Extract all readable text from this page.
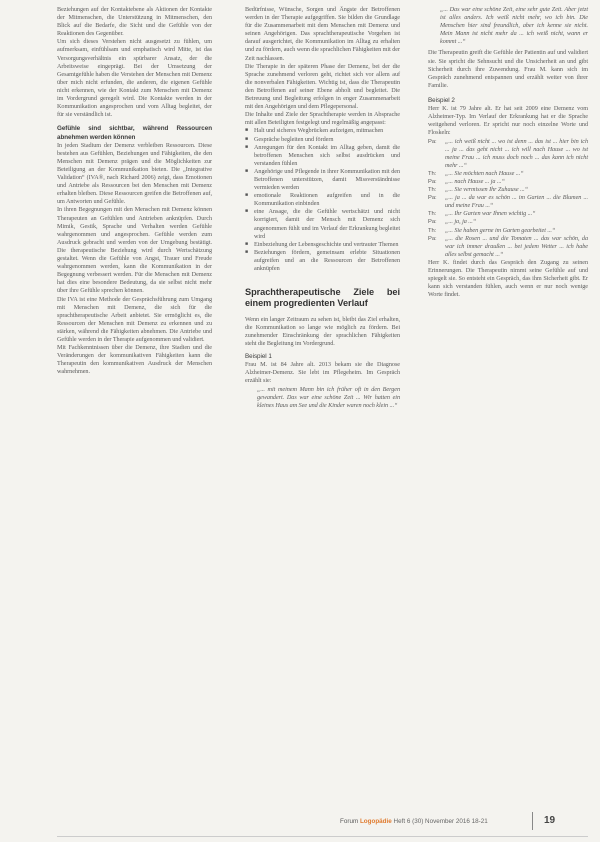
Beziehungen auf der Kontaktebene als Aktionen der Kontakte der Mitmenschen, die Unterstützung in Mitmenschen, den Blick auf die Bedarfe, die Sicht und die Gefühle von der Reaktionen des Gegenüber.

Um sich dieses Verstehen nicht ausgesetzt zu fühlen, um aufmerksam, einfühlsam und emphatisch wird Mitte, ist das Versorgungsverhältnis ein spürbarer Ansatz, der die Arbeitsweise eingeprägt. Bei der Umsetzung der Gesamtgefühle haben die Verstehen der Menschen mit Demenz über mich nicht erfunden, die anderen, die eigenen Gefühle nicht erkennen, wie der Kontakt zum Menschen mit Demenz im Vordergrund geregelt wird. Die Kontakte werden in der Kommunikation angesprochen und vom Alltag begleitet, der für sie verständlich ist.

Gefühle sind sichtbar, während Ressourcen abnehmen werden können

In jeden Stadium der Demenz verbleiben Ressourcen. Diese bestehen aus Gefühlen, Beziehungen und Fähigkeiten, die den Menschen mit Demenz prägen und die Möglichkeiten zur Beteiligung an der Kommunikation bieten. Die „Integrative Validation“ (IVA®, nach Richard 2006) zeigt, dass Emotionen und Antriebe als Ressourcen bei den Menschen mit Demenz erhalten bleiben. Diese Ressourcen greifen die Betroffenen auf, um Antworten und Gefühle.

In ihren Begegnungen mit den Menschen mit Demenz können Therapeuten an Gefühlen und Antrieben anknüpfen. Durch Mimik, Gestik, Sprache und Verhalten werden Gefühle wahrgenommen und angesprochen. Gefühle werden zum Ausdruck gebracht und werden von der Umgebung bestätigt. Die therapeutische Beziehung wird durch Wertschätzung gestaltet. Wenn die Gefühle von Angst, Trauer und Freude wahrgenommen werden, kann die Kommunikation in der Begegnung verbessert werden. Für die Menschen mit Demenz hat dies eine besondere Bedeutung, da sie selbst nicht mehr über ihre Gefühle sprechen können.

Die IVA ist eine Methode der Gesprächsführung zum Umgang mit Menschen mit Demenz, die sich für die sprachtherapeutische Arbeit anbietet. Sie ermöglicht es, die Ressourcen der Menschen mit Demenz zu erkennen und zu stärken, während die Fähigkeiten abnehmen. Die Antriebe und Gefühle werden in der Therapie aufgenommen und validiert.

Mit Fachkenntnissen über die Demenz, ihre Stadien und die Veränderungen der kommunikativen Fähigkeiten kann die Therapeutin den kommunikativen Ausdruck der Menschen wahrnehmen.

Bedürfnisse, Wünsche, Sorgen und Ängste der Betroffenen werden in der Therapie aufgegriffen. Sie bilden die Grundlage für die Zusammenarbeit mit dem Menschen mit Demenz und seinen Angehörigen. Das sprachtherapeutische Vorgehen ist darauf ausgerichtet, die Kommunikation im Alltag zu erhalten und zu fördern, auch wenn die sprachlichen Fähigkeiten mit der Zeit nachlassen.

Die Therapie in der späteren Phase der Demenz, bei der die Sprache zunehmend verloren geht, richtet sich vor allem auf die nonverbalen Fähigkeiten. Wichtig ist, dass die Therapeutin den Betroffenen auf seiner Ebene abholt und begleitet. Die Betreuung und Begleitung erfolgen in enger Zusammenarbeit mit den Angehörigen und dem Pflegepersonal.

Die Inhalte und Ziele der Sprachtherapie werden in Absprache mit allen Beteiligten festgelegt und regelmäßig angepasst:

■ Halt und sicheres Wegbrücken aufzeigen, mitmachen
■ Gespräche begleiten und fördern
■ Anregungen für den Kontakt im Alltag geben, damit die betroffenen Menschen sich selbst ausdrücken und verstanden fühlen
■ Angehörige und Pflegende in ihrer Kommunikation mit den Betroffenen unterstützen, damit Missverständnisse vermieden werden
■ emotionale Reaktionen aufgreifen und in die Kommunikation einbinden
■ eine Ansage, die die Gefühle wertschätzt und nicht korrigiert, damit der Mensch mit Demenz sich angenommen fühlt und im Verlauf der Erkrankung begleitet wird
■ Einbeziehung der Lebensgeschichte und vertrauter Themen
■ Beziehungen fördern, gemeinsam erlebte Situationen aufgreifen und an die Ressourcen der Betroffenen anknüpfen
Sprachtherapeutische Ziele bei einem progredienten Verlauf

Wenn ein langer Zeitraum zu sehen ist, bleibt das Ziel erhalten, die Kommunikation so lange wie möglich zu fördern. Bei zunehmender Einschränkung der sprachlichen Fähigkeiten steht die Begleitung im Vordergrund.

Beispiel 1

Frau M. ist 84 Jahre alt. 2013 bekam sie die Diagnose Alzheimer-Demenz. Sie lebt im Pflegeheim. Im Gespräch erzählt sie:

„... mit meinem Mann bin ich früher oft in den Bergen gewandert. Das war eine schöne Zeit ... Wir hatten ein kleines Haus am See und die Kinder waren noch klein ...“

„... Das war eine schöne Zeit, eine sehr gute Zeit. Aber jetzt ist alles anders. Ich weiß nicht mehr, wo ich bin. Die Menschen hier sind freundlich, aber ich kenne sie nicht. Mein Mann ist nicht mehr da ... ich weiß nicht, wann er kommt ...“

Die Therapeutin greift die Gefühle der Patientin auf und validiert sie. Sie spricht die Sehnsucht und die Unsicherheit an und gibt Sicherheit durch ihre Zuwendung. Frau M. kann sich im Gespräch zunehmend entspannen und erzählt weiter von ihrer Familie.

Beispiel 2

Herr K. ist 79 Jahre alt. Er hat seit 2009 eine Demenz vom Alzheimer-Typ. Im Verlauf der Erkrankung hat er die Sprache weitgehend verloren. Er spricht nur noch einzelne Worte und Floskeln:

Pa:	„... ich weiß nicht ... wo ist denn ... das ist ... hier bin ich ... ja ... das geht nicht ... ich will nach Hause ... wo ist meine Frau ... ich muss doch noch ... das kann ich nicht mehr ...“
Th:	„... Sie möchten nach Hause ...“
Pa:	„... nach Hause ... ja ...“
Th:	„... Sie vermissen Ihr Zuhause ...“
Pa:	„... ja ... da war es schön ... im Garten ... die Blumen ... und meine Frau ...“
Th:	„... Ihr Garten war Ihnen wichtig ...“
Pa:	„... ja, ja ...“
Th:	„... Sie haben gerne im Garten gearbeitet ...“
Pa:	„... die Rosen ... und die Tomaten ... das war schön, da war ich immer draußen ... bei jedem Wetter ... ich habe alles selbst gemacht ...“

Herr K. findet durch das Gespräch den Zugang zu seinen Erinnerungen. Die Therapeutin nimmt seine Gefühle auf und spiegelt sie. So entsteht ein Gespräch, das ihm Sicherheit gibt. Er kann sich verstanden fühlen, auch wenn er nur noch wenige Worte findet.

Forum Logopädie Heft 6 (30) November 2016 18-21	19
